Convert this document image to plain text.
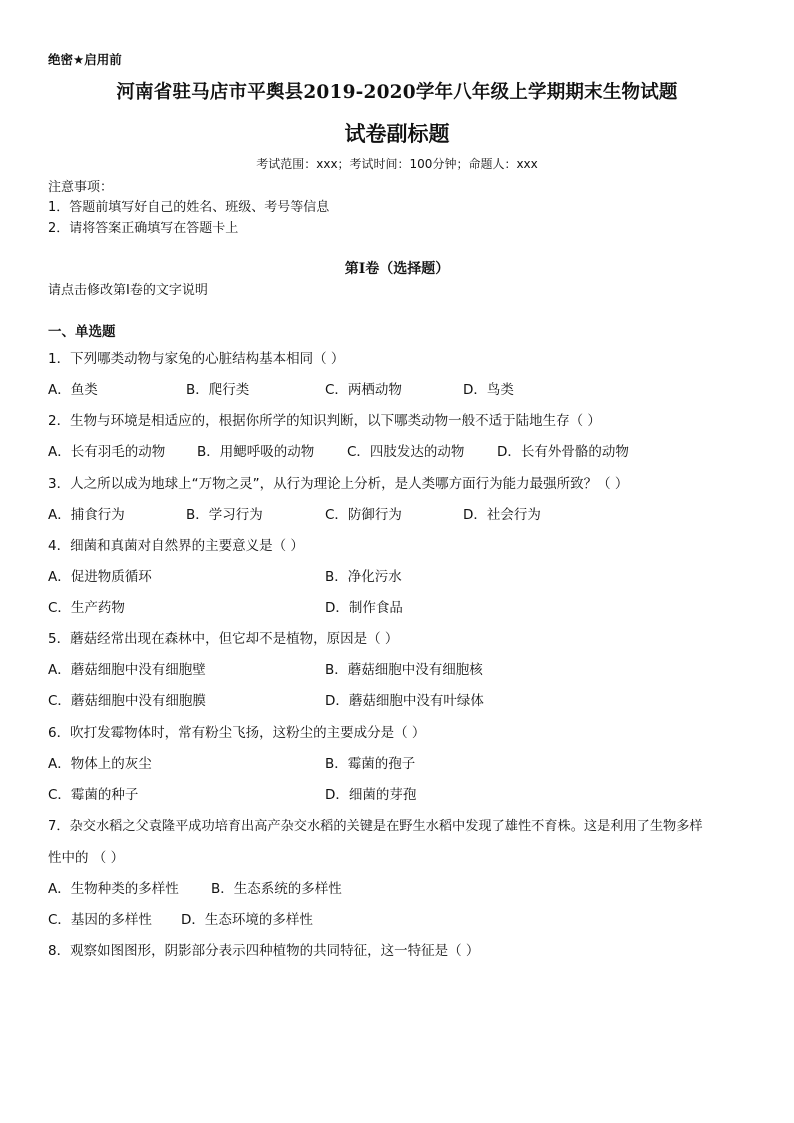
绝密★启用前
河南省驻马店市平舆县2019-2020学年八年级上学期期末生物试题
试卷副标题
考试范围：xxx；考试时间：100分钟；命题人：xxx
注意事项：
1．答题前填写好自己的姓名、班级、考号等信息
2．请将答案正确填写在答题卡上
第I卷（选择题）
请点击修改第I卷的文字说明
一、单选题
1．下列哪类动物与家兔的心脏结构基本相同（ ）
A．鱼类	B．爬行类	C．两栖动物	D．鸟类
2．生物与环境是相适应的，根据你所学的知识判断，以下哪类动物一般不适于陆地生存（ ）
A．长有羽毛的动物 B．用鳃呼吸的动物 C．四肢发达的动物 D．长有外骨骼的动物
3．人之所以成为地球上“万物之灵”，从行为理论上分析，是人类哪方面行为能力最强所致？（ ）
A．捕食行为	B．学习行为	C．防御行为	D．社会行为
4．细菌和真菌对自然界的主要意义是（ ）
A．促进物质循环	B．净化污水
C．生产药物	D．制作食品
5．蘑菇经常出现在森林中，但它却不是植物，原因是（ ）
A．蘑菇细胞中没有细胞壁	B．蘑菇细胞中没有细胞核
C．蘑菇细胞中没有细胞膜	D．蘑菇细胞中没有叶绿体
6．吹打发霉物体时，常有粉尘飞扬，这粉尘的主要成分是（ ）
A．物体上的灰尘	B．霉菌的孢子
C．霉菌的种子	D．细菌的芽孢
7．杂交水稻之父袁隆平成功培育出高产杂交水稻的关键是在野生水稻中发现了雄性不育株。这是利用了生物多样
性中的 （ ）
A．生物种类的多样性 B．生态系统的多样性
C．基因的多样性 D．生态环境的多样性
8．观察如图图形，阴影部分表示四种植物的共同特征，这一特征是（ ）
